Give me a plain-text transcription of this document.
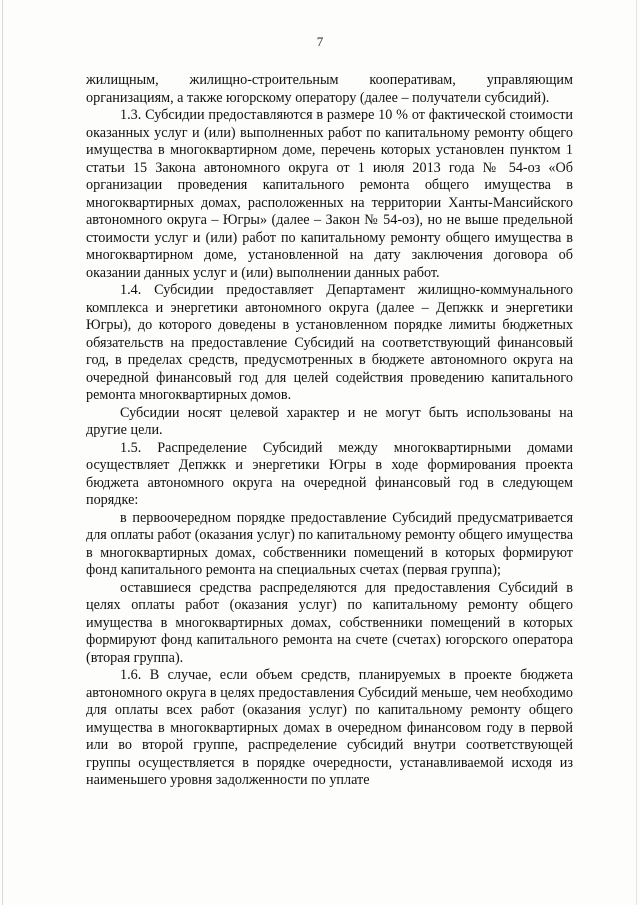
7

жилищным, жилищно-строительным кооперативам, управляющим организациям, а также югорскому оператору (далее – получатели субсидий).

1.3. Субсидии предоставляются в размере 10 % от фактической стоимости оказанных услуг и (или) выполненных работ по капитальному ремонту общего имущества в многоквартирном доме, перечень которых установлен пунктом 1 статьи 15 Закона автономного округа от 1 июля 2013 года № 54-оз «Об организации проведения капитального ремонта общего имущества в многоквартирных домах, расположенных на территории Ханты-Мансийского автономного округа – Югры» (далее – Закон № 54-оз), но не выше предельной стоимости услуг и (или) работ по капитальному ремонту общего имущества в многоквартирном доме, установленной на дату заключения договора об оказании данных услуг и (или) выполнении данных работ.

1.4. Субсидии предоставляет Департамент жилищно-коммунального комплекса и энергетики автономного округа (далее – Депжкк и энергетики Югры), до которого доведены в установленном порядке лимиты бюджетных обязательств на предоставление Субсидий на соответствующий финансовый год, в пределах средств, предусмотренных в бюджете автономного округа на очередной финансовый год для целей содействия проведению капитального ремонта многоквартирных домов.

Субсидии носят целевой характер и не могут быть использованы на другие цели.

1.5. Распределение Субсидий между многоквартирными домами осуществляет Депжкк и энергетики Югры в ходе формирования проекта бюджета автономного округа на очередной финансовый год в следующем порядке:

в первоочередном порядке предоставление Субсидий предусматривается для оплаты работ (оказания услуг) по капитальному ремонту общего имущества в многоквартирных домах, собственники помещений в которых формируют фонд капитального ремонта на специальных счетах (первая группа);

оставшиеся средства распределяются для предоставления Субсидий в целях оплаты работ (оказания услуг) по капитальному ремонту общего имущества в многоквартирных домах, собственники помещений в которых формируют фонд капитального ремонта на счете (счетах) югорского оператора (вторая группа).

1.6. В случае, если объем средств, планируемых в проекте бюджета автономного округа в целях предоставления Субсидий меньше, чем необходимо для оплаты всех работ (оказания услуг) по капитальному ремонту общего имущества в многоквартирных домах в очередном финансовом году в первой или во второй группе, распределение субсидий внутри соответствующей группы осуществляется в порядке очередности, устанавливаемой исходя из наименьшего уровня задолженности по уплате
